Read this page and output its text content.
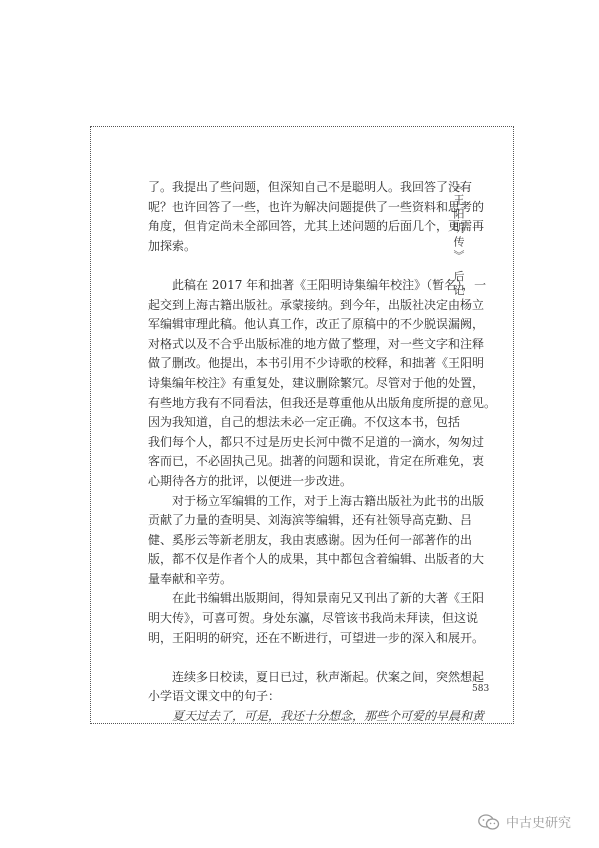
《王阳明传》 后记
了。我提出了些问题，但深知自己不是聪明人。我回答了没有
呢？也许回答了一些，也许为解决问题提供了一些资料和思考的
角度，但肯定尚未全部回答，尤其上述问题的后面几个，更需再
加探索。
　　此稿在 2017 年和拙著《王阳明诗集编年校注》（暂名），一
起交到上海古籍出版社。承蒙接纳。到今年，出版社决定由杨立
军编辑审理此稿。他认真工作，改正了原稿中的不少脱误漏阙，
对格式以及不合乎出版标准的地方做了整理，对一些文字和注释
做了删改。他提出，本书引用不少诗歌的校释，和拙著《王阳明
诗集编年校注》有重复处，建议删除繁冗。尽管对于他的处置，
有些地方我有不同看法，但我还是尊重他从出版角度所提的意见。
因为我知道，自己的想法未必一定正确。不仅这本书，包括
我们每个人，都只不过是历史长河中微不足道的一滴水，匆匆过
客而已，不必固执己见。拙著的问题和误讹，肯定在所难免，衷
心期待各方的批评，以便进一步改进。
　　对于杨立军编辑的工作，对于上海古籍出版社为此书的出版
贡献了力量的查明昊、刘海滨等编辑，还有社领导高克勤、吕
健、奚彤云等新老朋友，我由衷感谢。因为任何一部著作的出
版，都不仅是作者个人的成果，其中都包含着编辑、出版者的大
量奉献和辛劳。
　　在此书编辑出版期间，得知景南兄又刊出了新的大著《王阳
明大传》，可喜可贺。身处东瀛，尽管该书我尚未拜读，但这说
明，王阳明的研究，还在不断进行，可望进一步的深入和展开。
　　连续多日校读，夏日已过，秋声渐起。伏案之间，突然想起
小学语文课文中的句子：
　　夏天过去了，可是，我还十分想念，那些个可爱的早晨和黄
583
中古史研究
